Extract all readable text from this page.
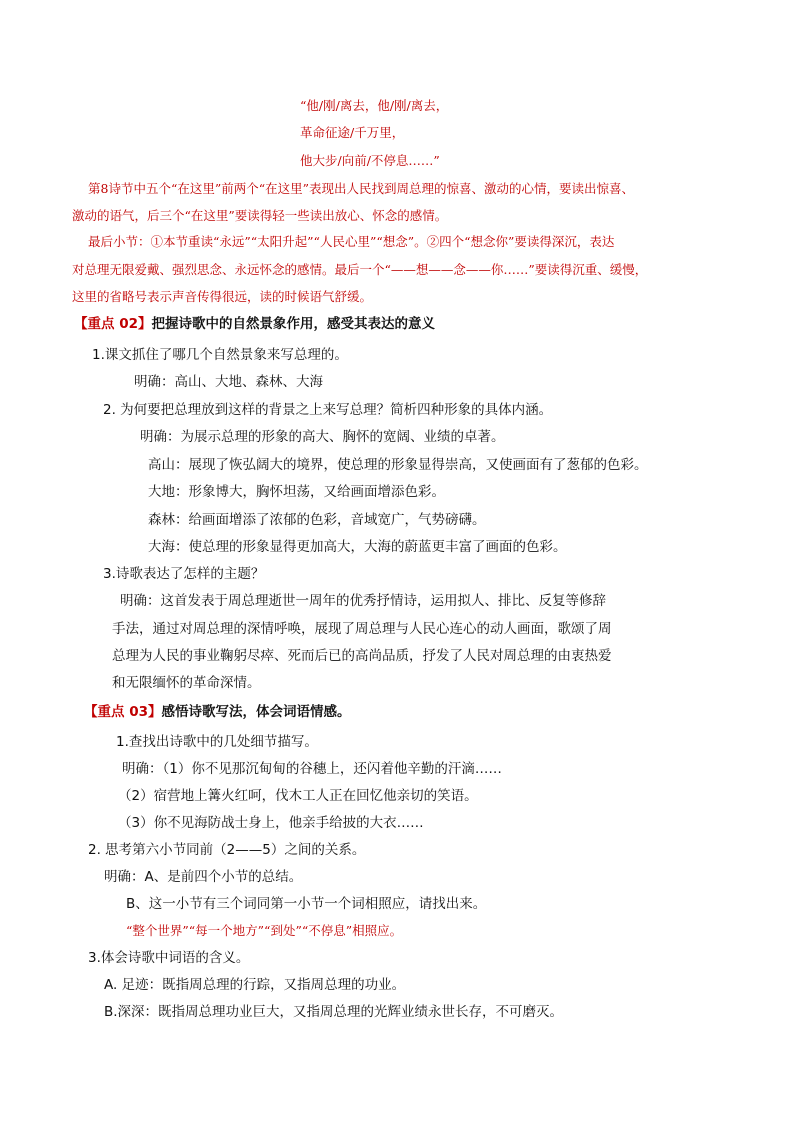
“他/刚/离去，他/刚/离去，
革命征途/千万里，
他大步/向前/不停息……”
第8诗节中五个“在这里”前两个“在这里”表现出人民找到周总理的惊喜、激动的心情，要读出惊喜、
激动的语气，后三个“在这里”要读得轻一些读出放心、怀念的感情。
最后小节：①本节重读“永远”“太阳升起”“人民心里”“想念”。②四个“想念你”要读得深沉，表达
对总理无限爱戴、强烈思念、永远怀念的感情。最后一个“——想——念——你……”要读得沉重、缓慢，
这里的省略号表示声音传得很远，读的时候语气舒缓。
【重点 02】把握诗歌中的自然景象作用，感受其表达的意义
1.课文抓住了哪几个自然景象来写总理的。
明确：高山、大地、森林、大海
2. 为何要把总理放到这样的背景之上来写总理？简析四种形象的具体内涵。
明确：为展示总理的形象的高大、胸怀的宽阔、业绩的卓著。
高山：展现了恢弘阔大的境界，使总理的形象显得崇高，又使画面有了葱郁的色彩。
大地：形象博大，胸怀坦荡，又给画面增添色彩。
森林：给画面增添了浓郁的色彩，音域宽广，气势磅礴。
大海：使总理的形象显得更加高大，大海的蔚蓝更丰富了画面的色彩。
3.诗歌表达了怎样的主题？
明确：这首发表于周总理逝世一周年的优秀抒情诗，运用拟人、排比、反复等修辞
手法，通过对周总理的深情呼唤，展现了周总理与人民心连心的动人画面，歌颂了周
总理为人民的事业鞠躬尽瘁、死而后已的高尚品质，抒发了人民对周总理的由衷热爱
和无限缅怀的革命深情。
【重点 03】感悟诗歌写法，体会词语情感。
1.查找出诗歌中的几处细节描写。
明确：（1）你不见那沉甸甸的谷穗上，还闪着他辛勤的汗滴……
（2）宿营地上篝火红呵，伐木工人正在回忆他亲切的笑语。
（3）你不见海防战士身上，他亲手给披的大衣……
2. 思考第六小节同前（2——5）之间的关系。
明确：A、是前四个小节的总结。
B、这一小节有三个词同第一小节一个词相照应，请找出来。
“整个世界”“每一个地方”“到处”“不停息”相照应。
3.体会诗歌中词语的含义。
A. 足迹：既指周总理的行踪，又指周总理的功业。
B.深深：既指周总理功业巨大，又指周总理的光辉业绩永世长存，不可磨灭。
